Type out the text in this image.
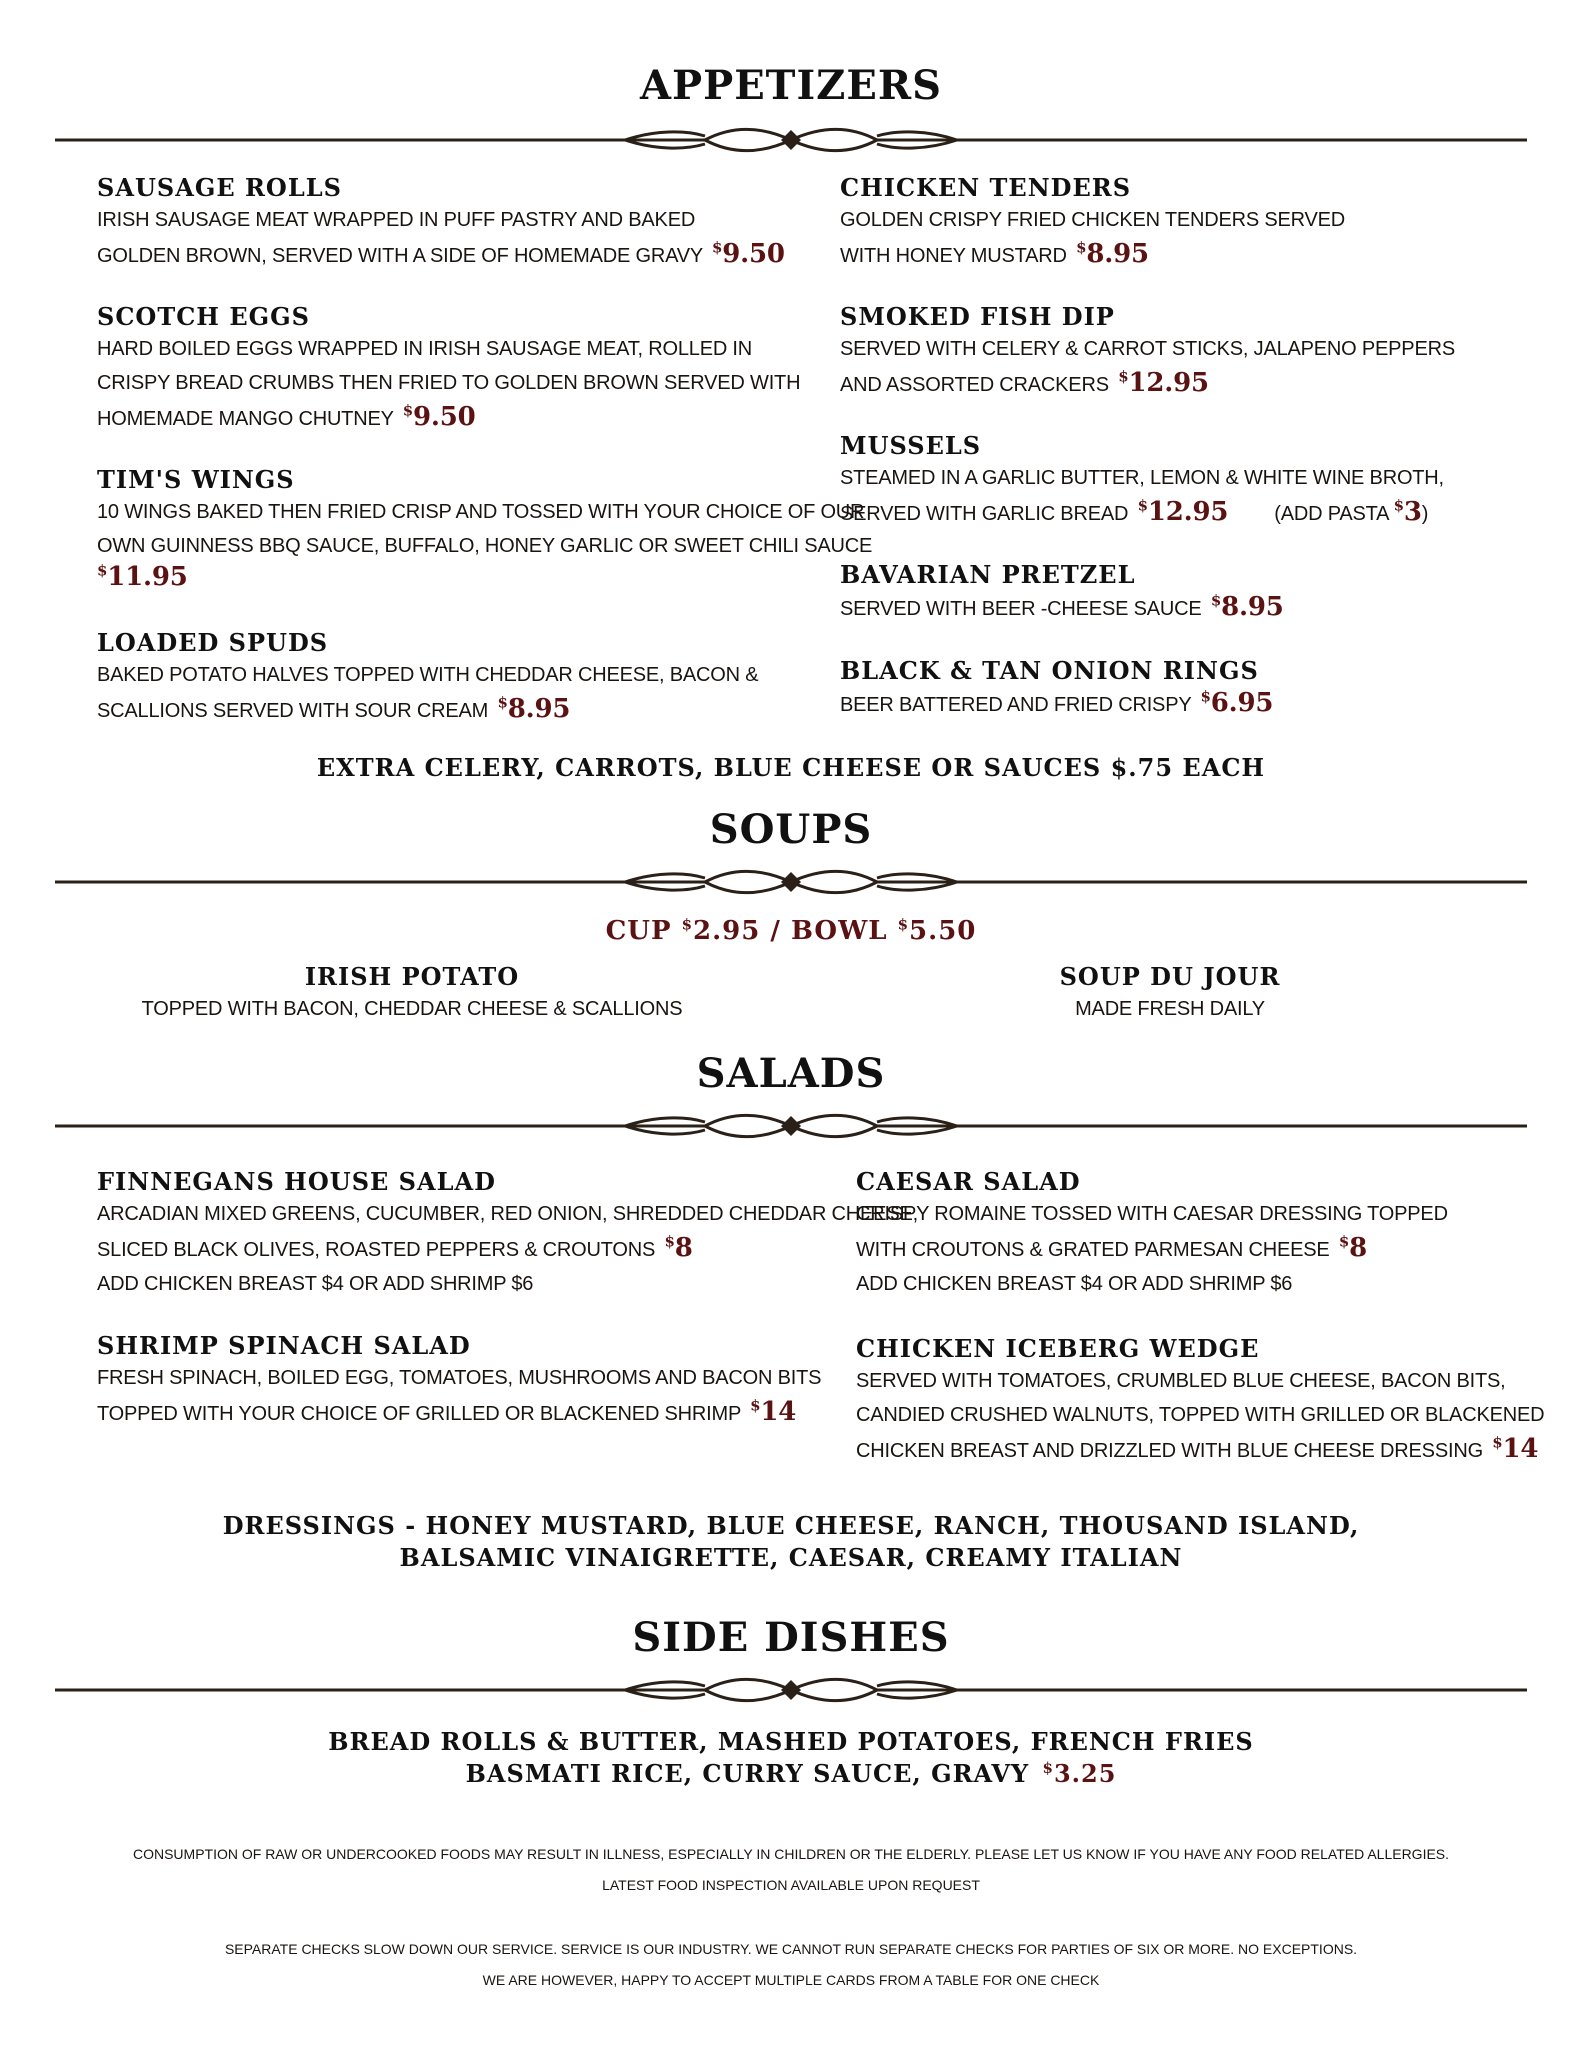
APPETIZERS
SAUSAGE ROLLS
IRISH SAUSAGE MEAT WRAPPED IN PUFF PASTRY AND BAKED
GOLDEN BROWN, SERVED WITH A SIDE OF HOMEMADE GRAVY $9.50
SCOTCH EGGS
HARD BOILED EGGS WRAPPED IN IRISH SAUSAGE MEAT, ROLLED IN
CRISPY BREAD CRUMBS THEN FRIED TO GOLDEN BROWN SERVED WITH
HOMEMADE MANGO CHUTNEY $9.50
TIM'S WINGS
10 WINGS BAKED THEN FRIED CRISP AND TOSSED WITH YOUR CHOICE OF OUR
OWN GUINNESS BBQ SAUCE, BUFFALO, HONEY GARLIC OR SWEET CHILI SAUCE
$11.95
LOADED SPUDS
BAKED POTATO HALVES TOPPED WITH CHEDDAR CHEESE, BACON &
SCALLIONS SERVED WITH SOUR CREAM $8.95
CHICKEN TENDERS
GOLDEN CRISPY FRIED CHICKEN TENDERS SERVED
WITH HONEY MUSTARD $8.95
SMOKED FISH DIP
SERVED WITH CELERY & CARROT STICKS, JALAPENO PEPPERS
AND ASSORTED CRACKERS $12.95
MUSSELS
STEAMED IN A GARLIC BUTTER, LEMON & WHITE WINE BROTH,
SERVED WITH GARLIC BREAD $12.95 (ADD PASTA $3)
BAVARIAN PRETZEL
SERVED WITH BEER -CHEESE SAUCE $8.95
BLACK & TAN ONION RINGS
BEER BATTERED AND FRIED CRISPY $6.95
EXTRA CELERY, CARROTS, BLUE CHEESE OR SAUCES $.75 EACH
SOUPS
CUP $2.95 / BOWL $5.50
IRISH POTATO
TOPPED WITH BACON, CHEDDAR CHEESE & SCALLIONS
SOUP DU JOUR
MADE FRESH DAILY
SALADS
FINNEGANS HOUSE SALAD
ARCADIAN MIXED GREENS, CUCUMBER, RED ONION, SHREDDED CHEDDAR CHEESE,
SLICED BLACK OLIVES, ROASTED PEPPERS & CROUTONS $8
ADD CHICKEN BREAST $4 OR ADD SHRIMP $6
SHRIMP SPINACH SALAD
FRESH SPINACH, BOILED EGG, TOMATOES, MUSHROOMS AND BACON BITS
TOPPED WITH YOUR CHOICE OF GRILLED OR BLACKENED SHRIMP $14
CAESAR SALAD
CRISPY ROMAINE TOSSED WITH CAESAR DRESSING TOPPED
WITH CROUTONS & GRATED PARMESAN CHEESE $8
ADD CHICKEN BREAST $4 OR ADD SHRIMP $6
CHICKEN ICEBERG WEDGE
SERVED WITH TOMATOES, CRUMBLED BLUE CHEESE, BACON BITS,
CANDIED CRUSHED WALNUTS, TOPPED WITH GRILLED OR BLACKENED
CHICKEN BREAST AND DRIZZLED WITH BLUE CHEESE DRESSING $14
DRESSINGS - HONEY MUSTARD, BLUE CHEESE, RANCH, THOUSAND ISLAND,
BALSAMIC VINAIGRETTE, CAESAR, CREAMY ITALIAN
SIDE DISHES
BREAD ROLLS & BUTTER, MASHED POTATOES, FRENCH FRIES
BASMATI RICE, CURRY SAUCE, GRAVY $3.25
CONSUMPTION OF RAW OR UNDERCOOKED FOODS MAY RESULT IN ILLNESS, ESPECIALLY IN CHILDREN OR THE ELDERLY. PLEASE LET US KNOW IF YOU HAVE ANY FOOD RELATED ALLERGIES.
LATEST FOOD INSPECTION AVAILABLE UPON REQUEST
SEPARATE CHECKS SLOW DOWN OUR SERVICE. SERVICE IS OUR INDUSTRY. WE CANNOT RUN SEPARATE CHECKS FOR PARTIES OF SIX OR MORE. NO EXCEPTIONS.
WE ARE HOWEVER, HAPPY TO ACCEPT MULTIPLE CARDS FROM A TABLE FOR ONE CHECK
